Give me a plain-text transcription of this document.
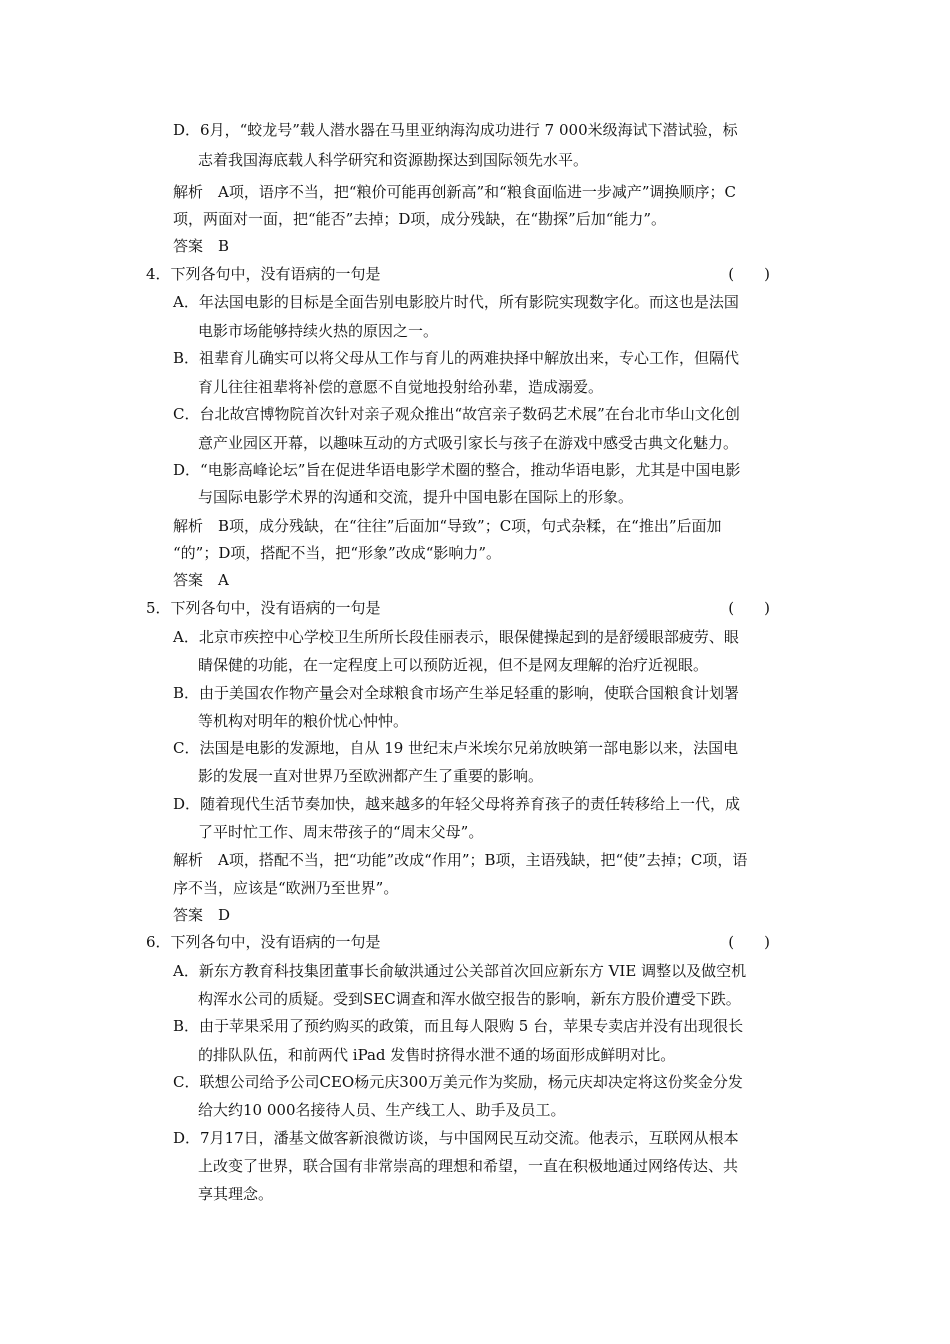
D．6月，“蛟龙号”载人潜水器在马里亚纳海沟成功进行 7 000米级海试下潜试验，标
志着我国海底载人科学研究和资源勘探达到国际领先水平。
解析　A项，语序不当，把“粮价可能再创新高”和“粮食面临进一步减产”调换顺序；C
项，两面对一面，把“能否”去掉；D项，成分残缺，在“勘探”后加“能力”。
答案　B
4．下列各句中，没有语病的一句是	(　　)
A．年法国电影的目标是全面告别电影胶片时代，所有影院实现数字化。而这也是法国
电影市场能够持续火热的原因之一。
B．祖辈育儿确实可以将父母从工作与育儿的两难抉择中解放出来，专心工作，但隔代
育儿往往祖辈将补偿的意愿不自觉地投射给孙辈，造成溺爱。
C．台北故宫博物院首次针对亲子观众推出“故宫亲子数码艺术展”在台北市华山文化创
意产业园区开幕，以趣味互动的方式吸引家长与孩子在游戏中感受古典文化魅力。
D．“电影高峰论坛”旨在促进华语电影学术圈的整合，推动华语电影，尤其是中国电影
与国际电影学术界的沟通和交流，提升中国电影在国际上的形象。
解析　B项，成分残缺，在“往往”后面加“导致”；C项，句式杂糅，在“推出”后面加
“的”；D项，搭配不当，把“形象”改成“影响力”。
答案　A
5．下列各句中，没有语病的一句是	(　　)
A．北京市疾控中心学校卫生所所长段佳丽表示，眼保健操起到的是舒缓眼部疲劳、眼
睛保健的功能，在一定程度上可以预防近视，但不是网友理解的治疗近视眼。
B．由于美国农作物产量会对全球粮食市场产生举足轻重的影响，使联合国粮食计划署
等机构对明年的粮价忧心忡忡。
C．法国是电影的发源地，自从 19 世纪末卢米埃尔兄弟放映第一部电影以来，法国电
影的发展一直对世界乃至欧洲都产生了重要的影响。
D．随着现代生活节奏加快，越来越多的年轻父母将养育孩子的责任转移给上一代，成
了平时忙工作、周末带孩子的“周末父母”。
解析　A项，搭配不当，把“功能”改成“作用”；B项，主语残缺，把“使”去掉；C项，语
序不当，应该是“欧洲乃至世界”。
答案　D
6．下列各句中，没有语病的一句是	(　　)
A．新东方教育科技集团董事长俞敏洪通过公关部首次回应新东方 VIE 调整以及做空机
构浑水公司的质疑。受到SEC调查和浑水做空报告的影响，新东方股价遭受下跌。
B．由于苹果采用了预约购买的政策，而且每人限购 5 台，苹果专卖店并没有出现很长
的排队队伍，和前两代 iPad 发售时挤得水泄不通的场面形成鲜明对比。
C．联想公司给予公司CEO杨元庆300万美元作为奖励，杨元庆却决定将这份奖金分发
给大约10 000名接待人员、生产线工人、助手及员工。
D．7月17日，潘基文做客新浪微访谈，与中国网民互动交流。他表示，互联网从根本
上改变了世界，联合国有非常崇高的理想和希望，一直在积极地通过网络传达、共
享其理念。
